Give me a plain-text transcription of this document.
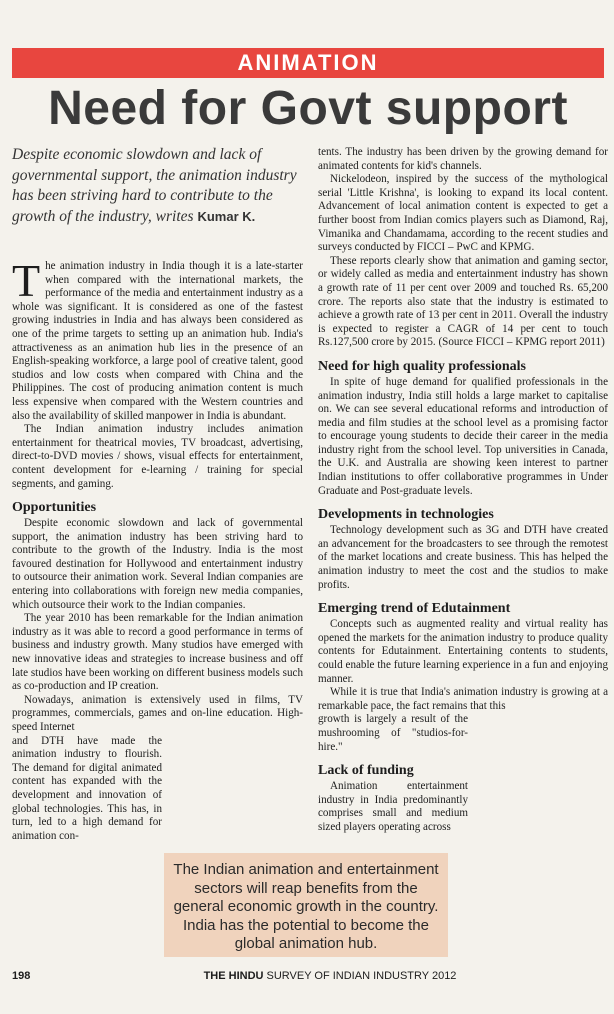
ANIMATION
Need for Govt support
Despite economic slowdown and lack of governmental support, the animation industry has been striving hard to contribute to the growth of the industry, writes Kumar K.

The animation industry in India though it is a late-starter when compared with the international markets, the performance of the media and entertainment industry as a whole was significant. It is considered as one of the fastest growing industries in India and has always been considered as one of the prime targets to setting up an animation hub. India's attractiveness as an animation hub lies in the presence of an English-speaking workforce, a large pool of creative talent, good studios and low costs when compared with China and the Philippines. The cost of producing animation content is much less expensive when compared with the Western countries and also the availability of skilled manpower in India is abundant.

The Indian animation industry includes animation entertainment for theatrical movies, TV broadcast, advertising, direct-to-DVD movies / shows, visual effects for entertainment, content development for e-learning / training for special segments, and gaming.

Opportunities

Despite economic slowdown and lack of governmental support, the animation industry has been striving hard to contribute to the growth of the Industry. India is the most favoured destination for Hollywood and entertainment industry to outsource their animation work. Several Indian companies are entering into collaborations with foreign new media companies, which outsource their work to the Indian companies.

The year 2010 has been remarkable for the Indian animation industry as it was able to record a good performance in terms of business and industry growth. Many studios have emerged with new innovative ideas and strategies to increase business and off late studios have been working on different business models such as co-production and IP creation.

Nowadays, animation is extensively used in films, TV programmes, commercials, games and on-line education. High-speed Internet

and DTH have made the animation industry to flourish. The demand for digital animated content has expanded with the development and innovation of global technologies. This has, in turn, led to a high demand for animation con-

tents. The industry has been driven by the growing demand for animated contents for kid's channels.

Nickelodeon, inspired by the success of the mythological serial 'Little Krishna', is looking to expand its local content. Advancement of local animation content is expected to get a further boost from Indian comics players such as Diamond, Raj, Vimanika and Chandamama, according to the recent studies and surveys conducted by FICCI – PwC and KPMG.

These reports clearly show that animation and gaming sector, or widely called as media and entertainment industry has shown a growth rate of 11 per cent over 2009 and touched Rs. 65,200 crore. The reports also state that the industry is estimated to achieve a growth rate of 13 per cent in 2011. Overall the industry is expected to register a CAGR of 14 per cent to touch Rs.127,500 crore by 2015. (Source FICCI – KPMG report 2011)

Need for high quality professionals

In spite of huge demand for qualified professionals in the animation industry, India still holds a large market to capitalise on. We can see several educational reforms and introduction of media and film studies at the school level as a promising factor to encourage young students to decide their career in the media industry right from the school level. Top universities in Canada, the U.K. and Australia are showing keen interest to partner Indian institutions to offer collaborative programmes in Under Graduate and Post-graduate levels.

Developments in technologies

Technology development such as 3G and DTH have created an advancement for the broadcasters to see through the remotest of the market locations and create business. This has helped the animation industry to meet the cost and the studios to make profits.

Emerging trend of Edutainment

Concepts such as augmented reality and virtual reality has opened the markets for the animation industry to produce quality contents for Edutainment. Entertaining contents to students, could enable the future learning experience in a fun and enjoying manner.

While it is true that India's animation industry is growing at a remarkable pace, the fact remains that this

growth is largely a result of the mushrooming of "studios-for-hire."

Lack of funding

Animation entertainment industry in India predominantly comprises small and medium sized players operating across

The Indian animation and entertainment sectors will reap benefits from the general economic growth in the country. India has the potential to become the global animation hub.
198	THE HINDU SURVEY OF INDIAN INDUSTRY 2012
